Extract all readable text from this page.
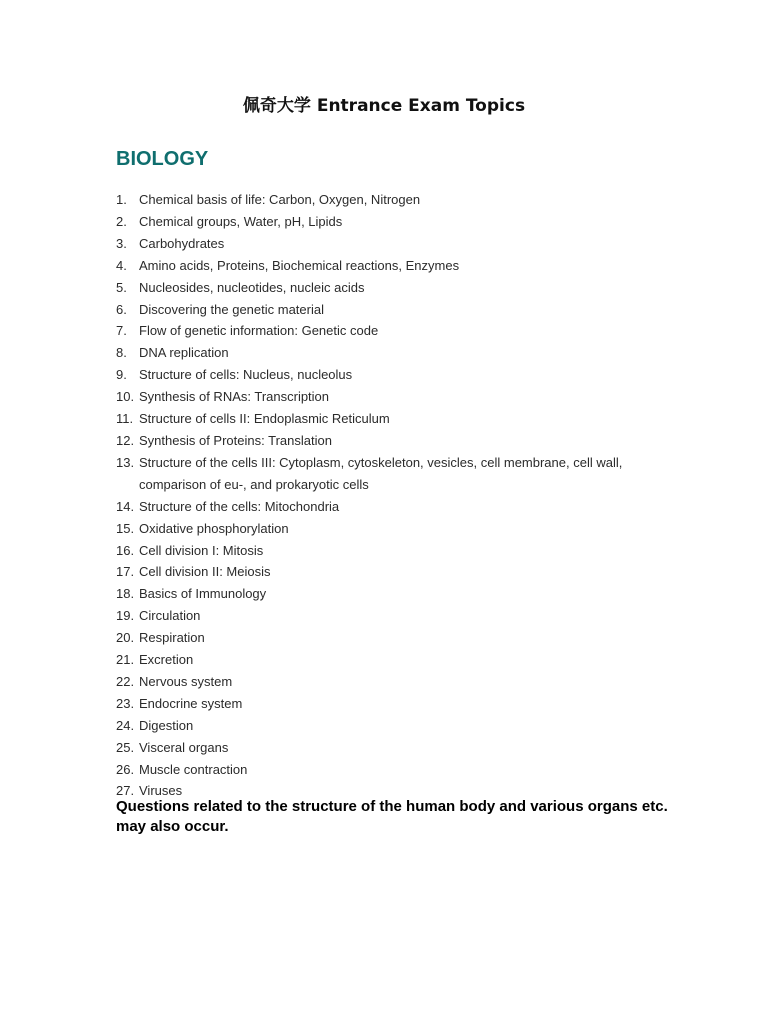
佩奇大学 Entrance Exam Topics
BIOLOGY
1. Chemical basis of life: Carbon, Oxygen, Nitrogen
2. Chemical groups, Water, pH, Lipids
3. Carbohydrates
4. Amino acids, Proteins, Biochemical reactions, Enzymes
5. Nucleosides, nucleotides, nucleic acids
6. Discovering the genetic material
7. Flow of genetic information: Genetic code
8. DNA replication
9. Structure of cells: Nucleus, nucleolus
10. Synthesis of RNAs: Transcription
11. Structure of cells II: Endoplasmic Reticulum
12. Synthesis of Proteins: Translation
13. Structure of the cells III: Cytoplasm, cytoskeleton, vesicles, cell membrane, cell wall, comparison of eu-, and prokaryotic cells
14. Structure of the cells: Mitochondria
15. Oxidative phosphorylation
16. Cell division I: Mitosis
17. Cell division II: Meiosis
18. Basics of Immunology
19. Circulation
20. Respiration
21. Excretion
22. Nervous system
23. Endocrine system
24. Digestion
25. Visceral organs
26. Muscle contraction
27. Viruses

Questions related to the structure of the human body and various organs etc. may also occur.
